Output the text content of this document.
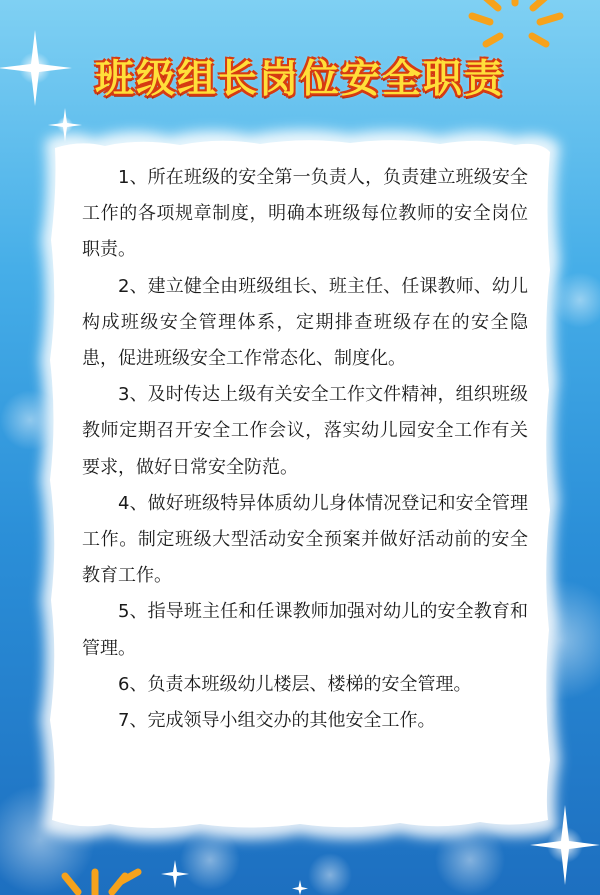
班级组长岗位安全职责

1、所在班级的安全第一负责人，负责建立班级安全工作的各项规章制度，明确本班级每位教师的安全岗位职责。

2、建立健全由班级组长、班主任、任课教师、幼儿构成班级安全管理体系，定期排查班级存在的安全隐患，促进班级安全工作常态化、制度化。

3、及时传达上级有关安全工作文件精神，组织班级教师定期召开安全工作会议，落实幼儿园安全工作有关要求，做好日常安全防范。

4、做好班级特异体质幼儿身体情况登记和安全管理工作。制定班级大型活动安全预案并做好活动前的安全教育工作。

5、指导班主任和任课教师加强对幼儿的安全教育和管理。

6、负责本班级幼儿楼层、楼梯的安全管理。

7、完成领导小组交办的其他安全工作。
